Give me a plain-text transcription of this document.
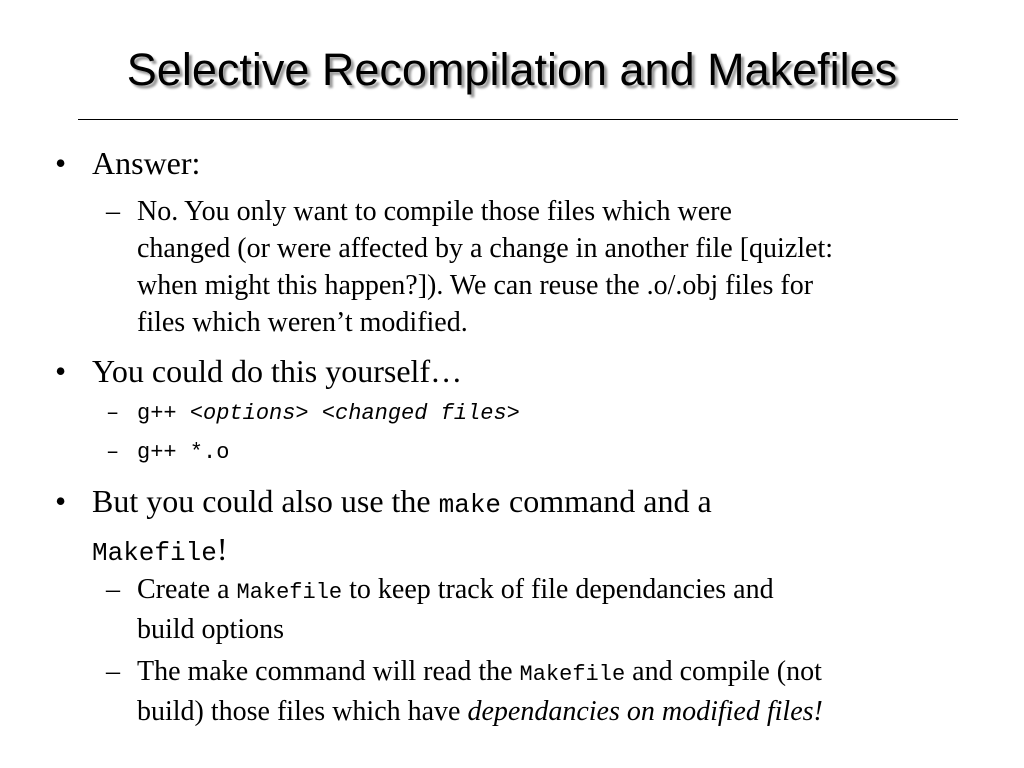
Selective Recompilation and Makefiles
• Answer:
– No. You only want to compile those files which were
changed (or were affected by a change in another file [quizlet:
when might this happen?]). We can reuse the .o/.obj files for
files which weren’t modified.
• You could do this yourself…
– g++ <options> <changed files>
– g++ *.o
• But you could also use the make command and a
Makefile!
– Create a Makefile to keep track of file dependancies and
build options
– The make command will read the Makefile and compile (not
build) those files which have dependancies on modified files!
